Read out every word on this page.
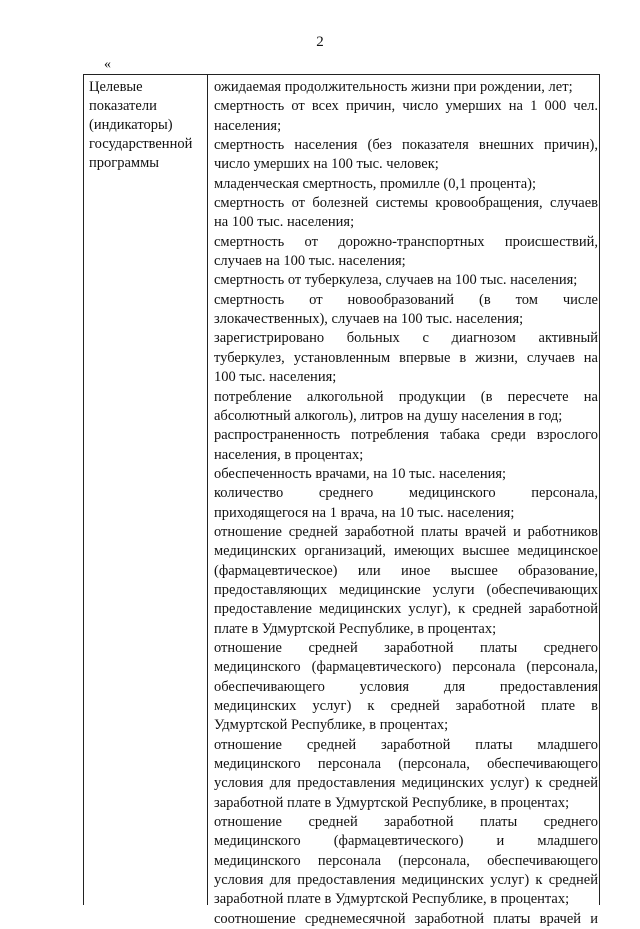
2
«
Целевые
показатели
(индикаторы)
государственной
программы
ожидаемая продолжительность жизни при рождении, лет;
смертность от всех причин, число умерших на 1 000 чел.
населения;
смертность населения (без показателя внешних причин),
число умерших на 100 тыс. человек;
младенческая смертность, промилле (0,1 процента);
смертность от болезней системы кровообращения, случаев
на 100 тыс. населения;
смертность от дорожно-транспортных происшествий,
случаев на 100 тыс. населения;
смертность от туберкулеза, случаев на 100 тыс. населения;
смертность от новообразований (в том числе
злокачественных), случаев на 100 тыс. населения;
зарегистрировано больных с диагнозом активный
туберкулез, установленным впервые в жизни, случаев на
100 тыс. населения;
потребление алкогольной продукции (в пересчете на
абсолютный алкоголь), литров на душу населения в год;
распространенность потребления табака среди взрослого
населения, в процентах;
обеспеченность врачами, на 10 тыс. населения;
количество среднего медицинского персонала,
приходящегося на 1 врача, на 10 тыс. населения;
отношение средней заработной платы врачей и работников
медицинских организаций, имеющих высшее медицинское
(фармацевтическое) или иное высшее образование,
предоставляющих медицинские услуги (обеспечивающих
предоставление медицинских услуг), к средней заработной
плате в Удмуртской Республике, в процентах;
отношение средней заработной платы среднего
медицинского (фармацевтического) персонала (персонала,
обеспечивающего условия для предоставления
медицинских услуг) к средней заработной плате в
Удмуртской Республике, в процентах;
отношение средней заработной платы младшего
медицинского персонала (персонала, обеспечивающего
условия для предоставления медицинских услуг) к средней
заработной плате в Удмуртской Республике, в процентах;
отношение средней заработной платы среднего
медицинского (фармацевтического) и младшего
медицинского персонала (персонала, обеспечивающего
условия для предоставления медицинских услуг) к средней
заработной плате в Удмуртской Республике, в процентах;
соотношение среднемесячной заработной платы врачей и
